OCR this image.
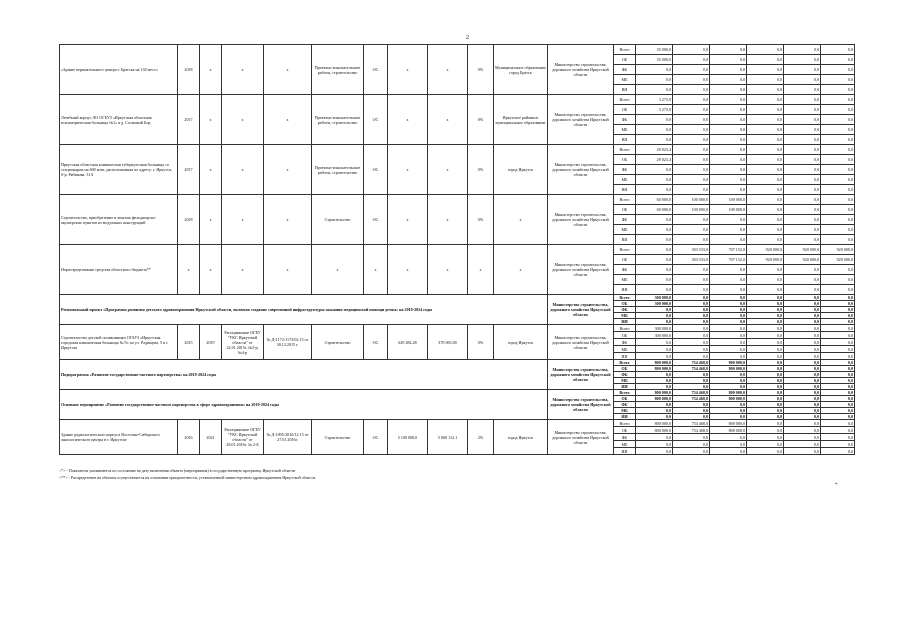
2
«Здание перинатального центра г. Братска на 130 мест»	2018	х	х	х	Проектно-изыскательские работы, строительство	ОС	х	х	0%	Муниципальное образование город Братск	Министерство строительства, дорожного хозяйства Иркутской области	Всего	35 000,0	0,0	0,0	0,0	0,0	0,0
												ОБ	35 000,0	0,0	0,0	0,0	0,0	0,0
												ФБ	0,0	0,0	0,0	0,0	0,0	0,0
												МБ	0,0	0,0	0,0	0,0	0,0	0,0
												ВИ	0,0	0,0	0,0	0,0	0,0	0,0
Лечебный корпус ЛО ОГБУЗ «Иркутская областная психиатрическая больница №1» в д. Сосновый Бор	2017	х	х	х	Проектно-изыскательские работы, строительство	ОС	х	х	0%	Иркутское районное муниципальное образование	Министерство строительства, дорожного хозяйства Иркутской области	Всего	3 273,9	0,0	0,0	0,0	0,0	0,0
												ОБ	3 273,9	0,0	0,0	0,0	0,0	0,0
												ФБ	0,0	0,0	0,0	0,0	0,0	0,0
												МБ	0,0	0,0	0,0	0,0	0,0	0,0
												ВИ	0,0	0,0	0,0	0,0	0,0	0,0
Иркутская областная клиническая туберкулезная больница со стационаром на 600 коек, расположенная по адресу: г. Иркутск, б-р. Рябикова, 31А	2017	х	х	х	Проектно-изыскательские работы, строительство	ОС	х	х	0%	город Иркутск	Министерство строительства, дорожного хозяйства Иркутской области	Всего	29 023,4	0,0	0,0	0,0	0,0	0,0
												ОБ	29 023,4	0,0	0,0	0,0	0,0	0,0
												ФБ	0,0	0,0	0,0	0,0	0,0	0,0
												МБ	0,0	0,0	0,0	0,0	0,0	0,0
												ВИ	0,0	0,0	0,0	0,0	0,0	0,0
Строительство, приобретение и монтаж фельдшерско-акушерских пунктов из модульных конструкций	2018	х	х	х	Строительство	ОС	х	х	0%	х	Министерство строительства, дорожного хозяйства Иркутской области	Всего	60 000,0	100 000,0	100 000,0	0,0	0,0	0,0
												ОБ	60 000,0	100 000,0	100 000,0	0,0	0,0	0,0
												ФБ	0,0	0,0	0,0	0,0	0,0	0,0
												МБ	0,0	0,0	0,0	0,0	0,0	0,0
												ВИ	0,0	0,0	0,0	0,0	0,0	0,0
Нераспределенные средства областного бюджета**	х	х	х	х	х	х	х	х	х	х	Министерство строительства, дорожного хозяйства Иркутской области	Всего	0,0	303 533,0	707 152,0	920 000,0	920 000,0	920 000,0
												ОБ	0,0	303 533,0	707 152,0	920 000,0	920 000,0	920 000,0
												ФБ	0,0	0,0	0,0	0,0	0,0	0,0
												МБ	0,0	0,0	0,0	0,0	0,0	0,0
												ИИ	0,0	0,0	0,0	0,0	0,0	0,0
Региональный проект «Программа развития детского здравоохранения Иркутской области, включая создание современной инфраструктуры оказания медицинской помощи детям» на 2019-2024 годы											Министерство строительства, дорожного хозяйства Иркутской области	Всего	300 000,0	0,0	0,0	0,0	0,0	0,0
												ОБ	300 000,0	0,0	0,0	0,0	0,0	0,0
												ФБ	0,0	0,0	0,0	0,0	0,0	0,0
												МБ	0,0	0,0	0,0	0,0	0,0	0,0
												ИИ	0,0	0,0	0,0	0,0	0,0	0,0
Строительство детской поликлиники ОГАУЗ «Иркутская городская клиническая больница № 9» по ул. Радищева, 5 в г. Иркутске	2015	2019	Распоряжение ОГБУ "УКС Иркутской области" от 22.01.2015г. №3-р, №4-р	№ Д-1172-1173/02.15 от 30.12.2015 г.	Строительство	ОС	629 482,28	370 065,00	0%	город Иркутск	Министерство строительства, дорожного хозяйства Иркутской области	Всего	300 000,0	0,0	0,0	0,0	0,0	0,0
												ОБ	300 000,0	0,0	0,0	0,0	0,0	0,0
												ФБ	0,0	0,0	0,0	0,0	0,0	0,0
												МБ	0,0	0,0	0,0	0,0	0,0	0,0
												ИИ	0,0	0,0	0,0	0,0	0,0	0,0
Подпрограмма «Развитие государственно-частного партнерства» на 2019-2024 годы											Министерство строительства, дорожного хозяйства Иркутской области	Всего	800 000,0	754 468,0	800 000,0	0,0	0,0	0,0
												ОБ	800 000,0	754 468,0	800 000,0	0,0	0,0	0,0
												ФБ	0,0	0,0	0,0	0,0	0,0	0,0
												МБ	0,0	0,0	0,0	0,0	0,0	0,0
												ИИ	0,0	0,0	0,0	0,0	0,0	0,0
Основное мероприятие «Развитие государственно-частного партнерства в сфере здравоохранения» на 2019-2024 годы											Министерство строительства, дорожного хозяйства Иркутской области	Всего	800 000,0	754 468,0	800 000,0	0,0	0,0	0,0
												ОБ	800 000,0	754 468,0	800 000,0	0,0	0,0	0,0
												ФБ	0,0	0,0	0,0	0,0	0,0	0,0
												МБ	0,0	0,0	0,0	0,0	0,0	0,0
												ИИ	0,0	0,0	0,0	0,0	0,0	0,0
Здание радиологического корпуса Восточно-Сибирского онкологического центра в г. Иркутске	2016	2021	Распоряжение ОГБУ "УКС Иркутской области" от 28.01.2016г. № 2-Б	№ Д-1005-2016/12.15 от 27.01.2016г.	Строительство	ОС	5 100 000,0	5 069 112,1	2%	город Иркутск	Министерство строительства, дорожного хозяйства Иркутской области	Всего	800 000,0	754 468,0	800 000,0	0,0	0,0	0,0
												ОБ	800 000,0	754 468,0	800 000,0	0,0	0,0	0,0
												ФБ	0,0	0,0	0,0	0,0	0,0	0,0
												МБ	0,0	0,0	0,0	0,0	0,0	0,0
												ИИ	0,0	0,0	0,0	0,0	0,0	0,0
<*> - Показатели указываются по состоянию на дату включения объекта (мероприятия) в государственную программу Иркутской области
<**> - Распределение на объекты осуществляется на основании приоритетности, установленной министерством здравоохранения Иркутской области.
*
